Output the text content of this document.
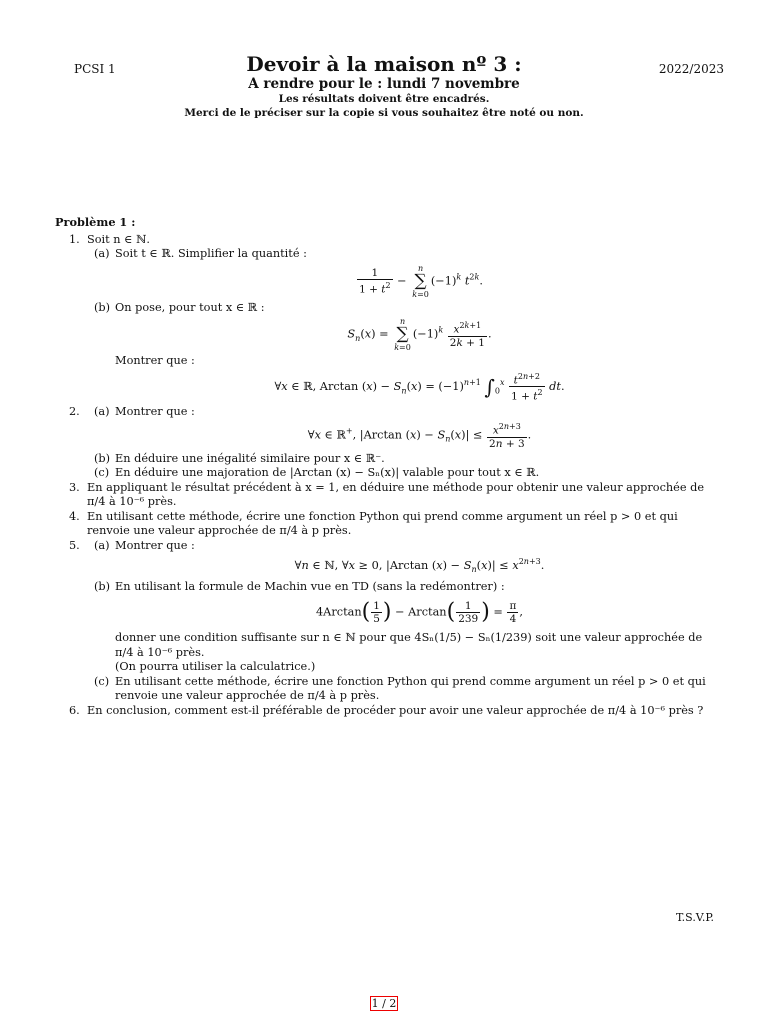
PCSI 1	2022/2023
Devoir à la maison nº 3 :
A rendre pour le : lundi 7 novembre
Les résultats doivent être encadrés.
Merci de le préciser sur la copie si vous souhaitez être noté ou non.
Problème 1 :
1. Soit n ∈ ℕ.
(a) Soit t ∈ ℝ. Simplifier la quantité :
$\frac{1}{1 + t^2}$ −
n
∑
k=0
$(-1)^k$ $t^{2k}$.
(b) On pose, pour tout x ∈ ℝ :
$S_n(x)$ =
n
∑
k=0
$(-1)^k \frac{x^{2k+1}}{2k + 1}$ .
Montrer que :
∀x ∈ ℝ, Arctan $(x) - S_n(x) = (-1)^{n+1}$ $\int_0^x \frac{t^{2n+2}}{1 + t^2}$ dt.
2. (a) Montrer que :
∀x ∈ ℝ+, |Arctan $(x) - S_n(x)| \le \frac{x^{2n+3}}{2n + 3}$ .
(b) En déduire une inégalité similaire pour x ∈ ℝ⁻.
(c) En déduire une majoration de |Arctan (x) − Sₙ(x)| valable pour tout x ∈ ℝ.
3. En appliquant le résultat précédent à x = 1, en déduire une méthode pour obtenir une valeur approchée de π/4 à 10⁻⁶ près.
4. En utilisant cette méthode, écrire une fonction Python qui prend comme argument un réel p > 0 et qui renvoie une valeur approchée de π/4 à p près.
5. (a) Montrer que :
∀n ∈ ℕ, ∀x ≥ 0, |Arctan $(x) - S_n(x)| \le x^{2n+3}$.
(b) En utilisant la formule de Machin vue en TD (sans la redémontrer) :
$4Arctan( \frac{1}{5}$ ) − $Arctan( \frac{1}{239}$ ) = $\frac{\pi}{4}$ ,
donner une condition suffisante sur n ∈ ℕ pour que 4Sₙ(1/5) − Sₙ(1/239) soit une valeur approchée de π/4 à 10⁻⁶ près.
(On pourra utiliser la calculatrice.)
(c) En utilisant cette méthode, écrire une fonction Python qui prend comme argument un réel p > 0 et qui renvoie une valeur approchée de π/4 à p près.
6. En conclusion, comment est-il préférable de procéder pour avoir une valeur approchée de π/4 à 10⁻⁶ près ?
T.S.V.P.
1 / 2
